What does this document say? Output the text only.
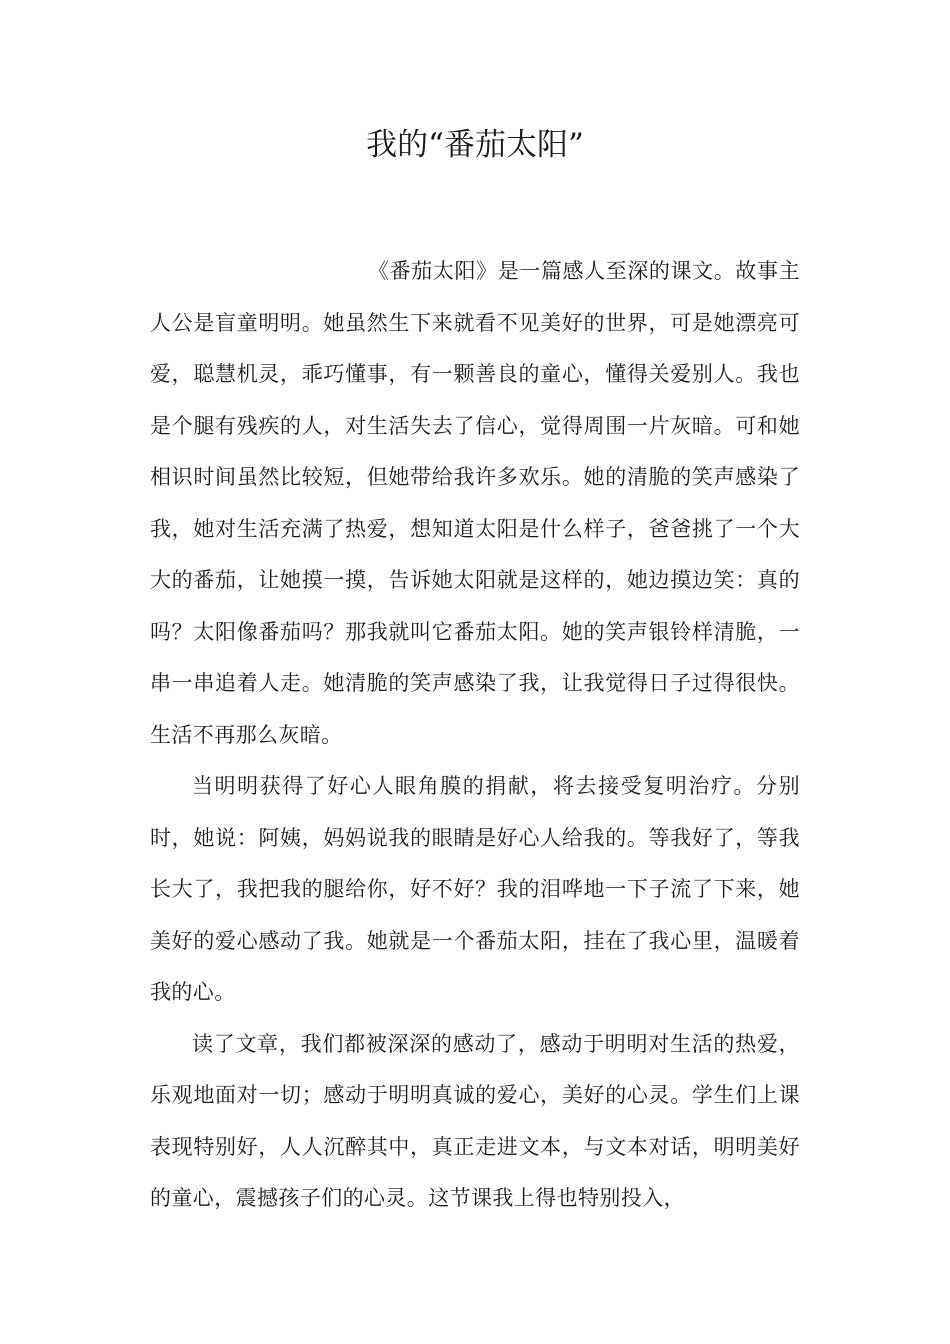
我的“番茄太阳”

《番茄太阳》是一篇感人至深的课文。故事主人公是盲童明明。她虽然生下来就看不见美好的世界，可是她漂亮可爱，聪慧机灵，乖巧懂事，有一颗善良的童心，懂得关爱别人。我也是个腿有残疾的人，对生活失去了信心，觉得周围一片灰暗。可和她相识时间虽然比较短，但她带给我许多欢乐。她的清脆的笑声感染了我，她对生活充满了热爱，想知道太阳是什么样子，爸爸挑了一个大大的番茄，让她摸一摸，告诉她太阳就是这样的，她边摸边笑：真的吗？太阳像番茄吗？那我就叫它番茄太阳。她的笑声银铃样清脆，一串一串追着人走。她清脆的笑声感染了我，让我觉得日子过得很快。生活不再那么灰暗。

当明明获得了好心人眼角膜的捐献，将去接受复明治疗。分别时，她说：阿姨，妈妈说我的眼睛是好心人给我的。等我好了，等我长大了，我把我的腿给你，好不好？我的泪哗地一下子流了下来，她美好的爱心感动了我。她就是一个番茄太阳，挂在了我心里，温暖着我的心。

读了文章，我们都被深深的感动了，感动于明明对生活的热爱，乐观地面对一切；感动于明明真诚的爱心，美好的心灵。学生们上课表现特别好，人人沉醉其中，真正走进文本，与文本对话，明明美好的童心，震撼孩子们的心灵。这节课我上得也特别投入，
